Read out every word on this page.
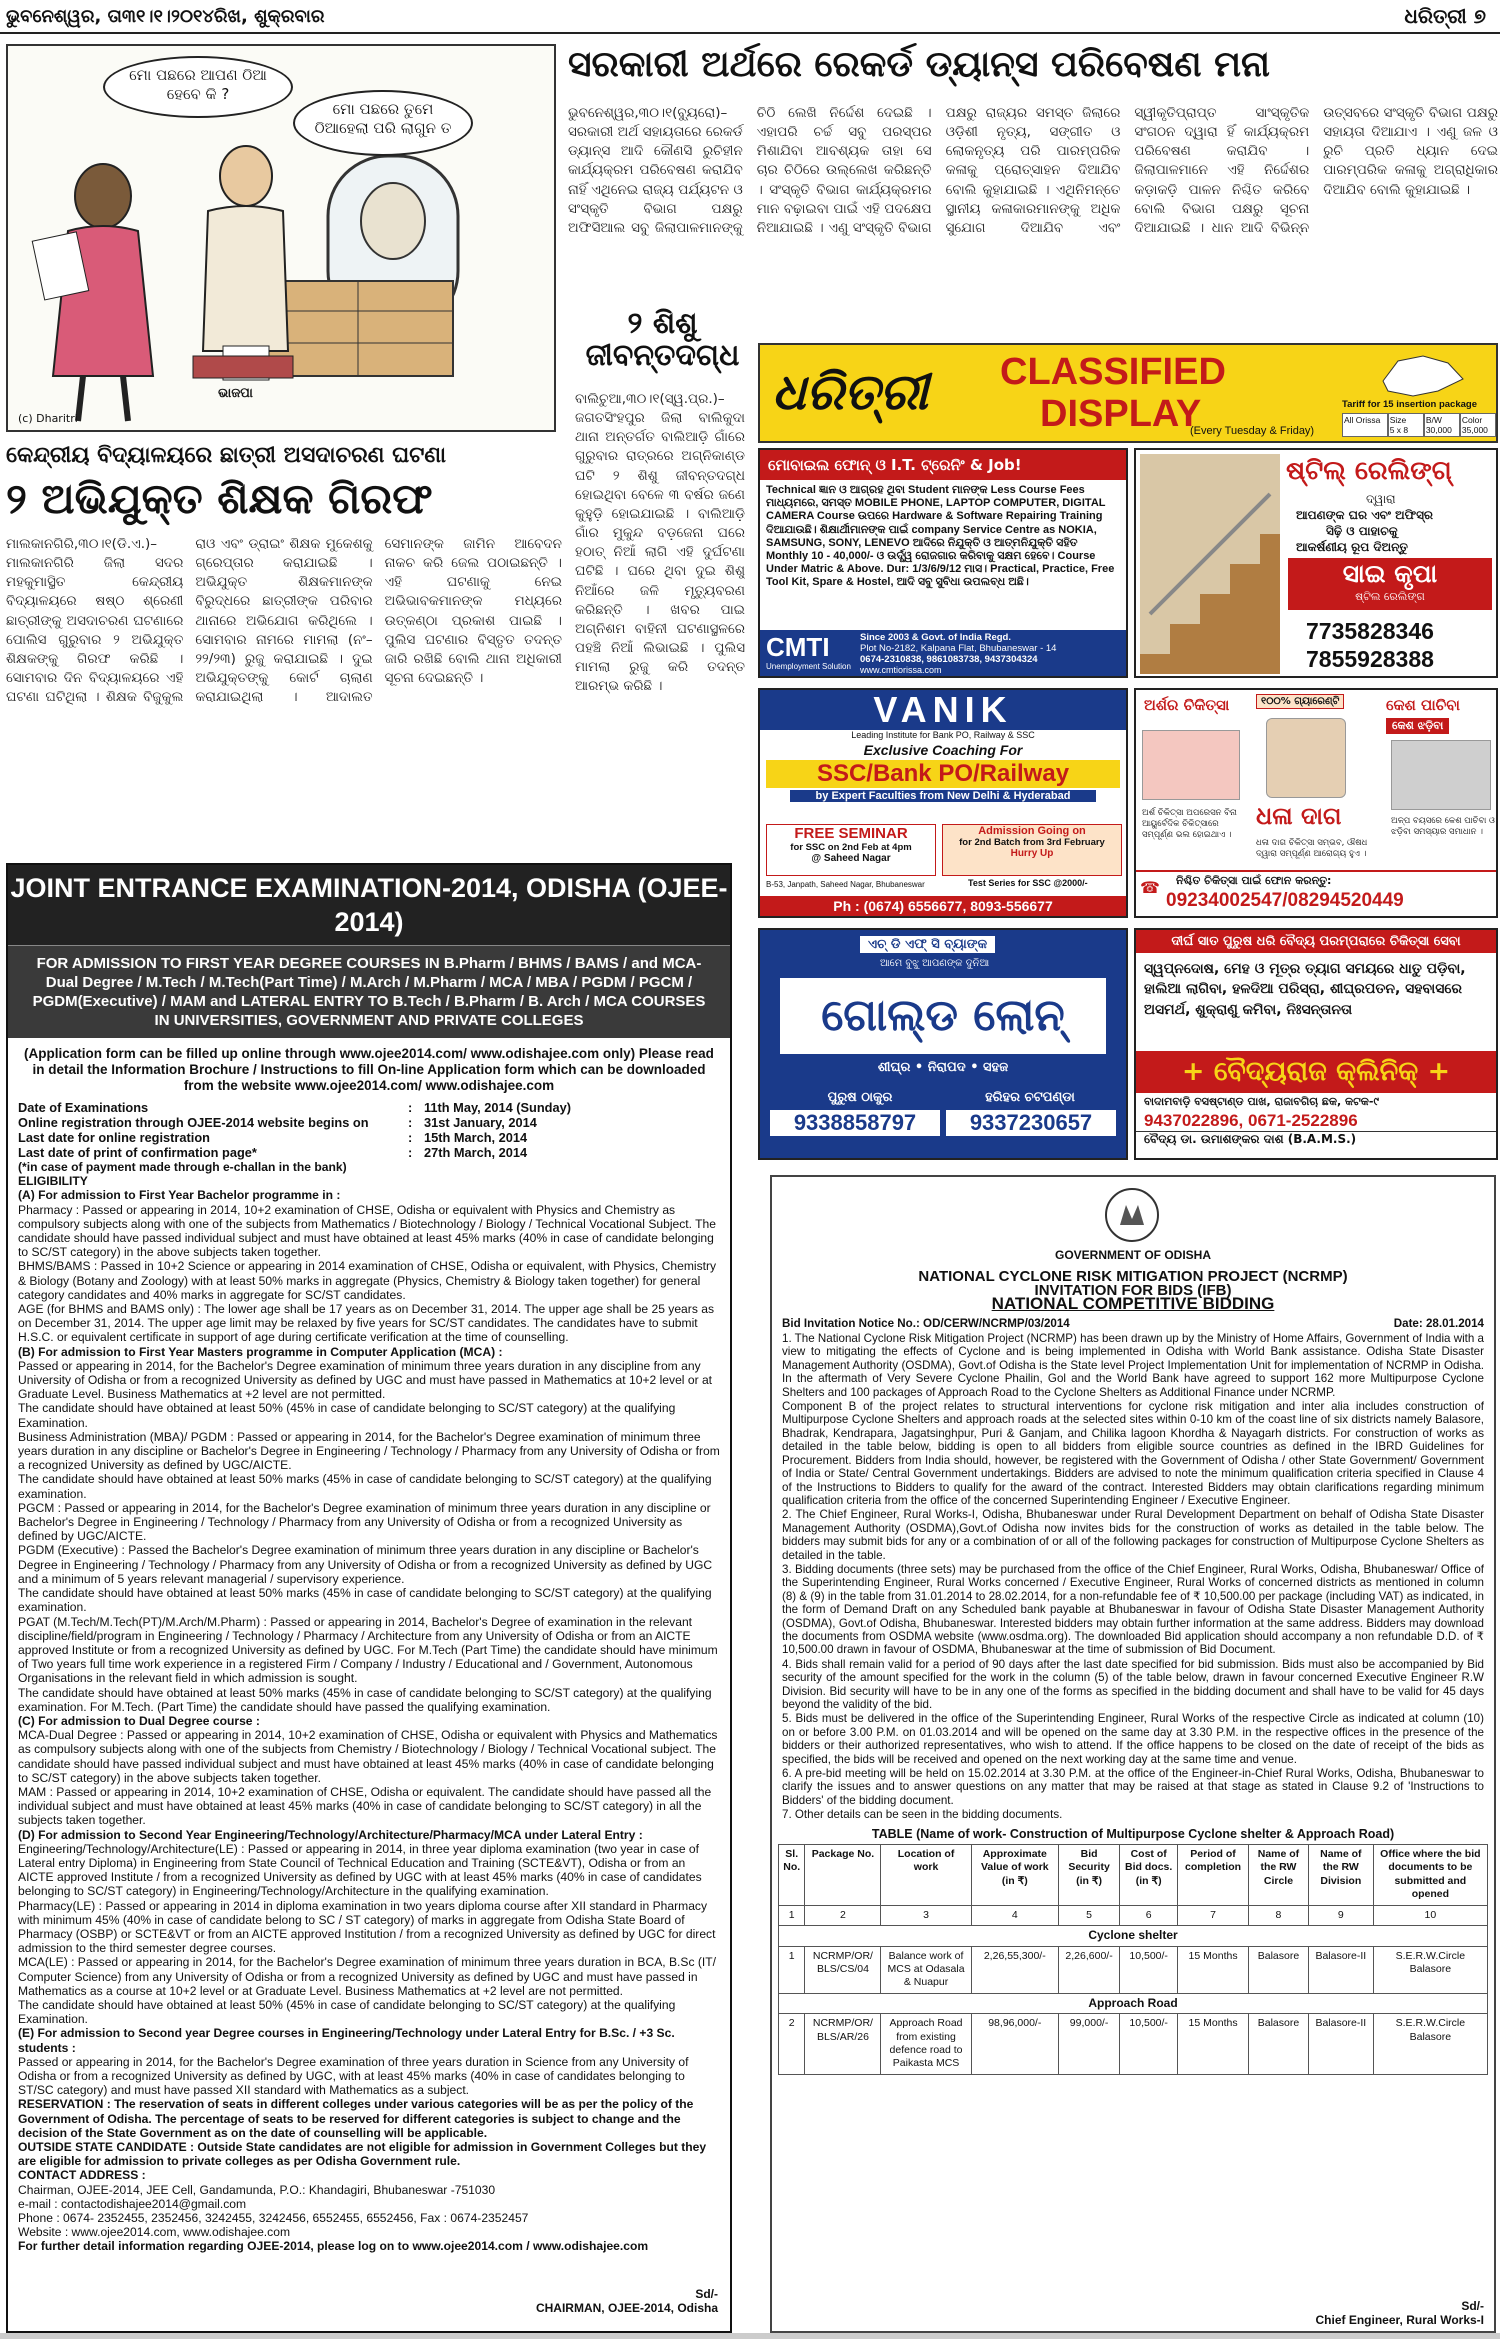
ଭୁବନେଶ୍ୱର, ତା୩୧।୧।୨୦୧୪ରିଖ, ଶୁକ୍ରବାର	ଧରିତ୍ରୀ ୭
ମୋ ପଛରେ ଆପଣ ଠିଆ ହେବେ କି ?
ମୋ ପଛରେ ତୁମେ ଠିଆହେଲା ପରି ଲାଗୁନ ତ
ଭାଜପା
(c) Dharitri
ସରକାରୀ ଅର୍ଥରେ ରେକର୍ଡ ଡ୍ୟାନ୍ସ ପରିବେଷଣ ମନା
ଭୁବନେଶ୍ୱର,୩୦।୧(ବ୍ୟୁରୋ)– ସରକାରୀ ଅର୍ଥ ସହାୟତାରେ ରେକର୍ଡ ଡ୍ୟାନ୍ସ ଆଦି କୌଣସି ରୁଚିହୀନ କାର୍ଯ୍ୟକ୍ରମ ପରିବେଷଣ କରାଯିବ ନାହିଁ ଏଥିନେଇ ରାଜ୍ୟ ପର୍ଯ୍ୟଟନ ଓ ସଂସ୍କୃତି ବିଭାଗ ପକ୍ଷରୁ ଅଫିସିଆଲ ସବୁ ଜିଲାପାଳମାନଙ୍କୁ ଚିଠି ଲେଖି ନିର୍ଦ୍ଦେଶ ଦେଇଛି । ଏହାପରି ଚର୍ଚ୍ଚ ସବୁ ପରସ୍ପର ମିଶାଯିବା ଆବଶ୍ୟକ ତାହା ସେ ଚାର ଚିଠିରେ ଉଲ୍ଲେଖ କରିଛନ୍ତି । ସଂସ୍କୃତି ବିଭାଗ କାର୍ଯ୍ୟକ୍ରମର ମାନ ବଢ଼ାଇବା ପାଇଁ ଏହି ପଦକ୍ଷେପ ନିଆଯାଇଛି । ଏଣୁ ସଂସ୍କୃତି ବିଭାଗ ପକ୍ଷରୁ ରାଜ୍ୟର ସମସ୍ତ ଜିଲାରେ ଓଡ଼ିଶୀ ନୃତ୍ୟ, ସଙ୍ଗୀତ ଓ ଲୋକନୃତ୍ୟ ପରି ପାରମ୍ପରିକ କଳାକୁ ପ୍ରୋତ୍ସାହନ ଦିଆଯିବ ବୋଲି କୁହାଯାଇଛି । ଏଥିନିମନ୍ତେ ସ୍ଥାନୀୟ କଳାକାରମାନଙ୍କୁ ଅଧିକ ସୁଯୋଗ ଦିଆଯିବ ଏବଂ ସ୍ୱୀକୃତିପ୍ରାପ୍ତ ସାଂସ୍କୃତିକ ସଂଗଠନ ଦ୍ୱାରା ହିଁ କାର୍ଯ୍ୟକ୍ରମ ପରିବେଷଣ କରାଯିବ । ଜିଲାପାଳମାନେ ଏହି ନିର୍ଦ୍ଦେଶର କଡ଼ାକଡ଼ି ପାଳନ ନିଶ୍ଚିତ କରିବେ ବୋଲି ବିଭାଗ ପକ୍ଷରୁ ସୂଚନା ଦିଆଯାଇଛି । ଧାନ ଆଦି ବିଭିନ୍ନ ଉତ୍ସବରେ ସଂସ୍କୃତି ବିଭାଗ ପକ୍ଷରୁ ସହାୟତା ଦିଆଯାଏ । ଏଣୁ ଜଳ ଓ ରୁଚି ପ୍ରତି ଧ୍ୟାନ ଦେଇ ପାରମ୍ପରିକ କଳାକୁ ଅଗ୍ରାଧିକାର ଦିଆଯିବ ବୋଲି କୁହାଯାଇଛି ।
୨ ଶିଶୁ ଜୀବନ୍ତଦଗ୍ଧ
ବାଲିଚୁଆ,୩୦।୧(ସ୍ୱ.ପ୍ର.)– ଜଗତସିଂହପୁର ଜିଲା ବାଲିକୁଦା ଥାନା ଅନ୍ତର୍ଗତ ବାଲିଆଡ଼ି ଗାଁରେ ଗୁରୁବାର ରାତ୍ରରେ ଅଗ୍ନିକାଣ୍ଡ ଘଟି ୨ ଶିଶୁ ଜୀବନ୍ତଦଗ୍ଧ ହୋଇଥିବା ବେଳେ ୩ ବର୍ଷର ଜଣେ କୁହୁଡ଼ି ହୋଇଯାଇଛି । ବାଲିଆଡ଼ି ଗାଁର ମୁକୁନ୍ଦ ବଡ଼ଜେନା ଘରେ ହଠାତ୍ ନିଆଁ ଲାଗି ଏହି ଦୁର୍ଘଟଣା ଘଟିଛି । ଘରେ ଥିବା ଦୁଇ ଶିଶୁ ନିଆଁରେ ଜଳି ମୃତ୍ୟୁବରଣ କରିଛନ୍ତି । ଖବର ପାଇ ଅଗ୍ନିଶମ ବାହିନୀ ଘଟଣାସ୍ଥଳରେ ପହଞ୍ଚି ନିଆଁ ଲିଭାଇଛି । ପୁଲିସ ମାମଲା ରୁଜୁ କରି ତଦନ୍ତ ଆରମ୍ଭ କରିଛି ।
କେନ୍ଦ୍ରୀୟ ବିଦ୍ୟାଳୟରେ ଛାତ୍ରୀ ଅସଦାଚରଣ ଘଟଣା
୨ ଅଭିଯୁକ୍ତ ଶିକ୍ଷକ ଗିରଫ
ମାଲକାନଗିରି,୩୦।୧(ଡି.ଏ.)– ମାଲକାନଗିରି ଜିଲା ସଦର ମହକୁମାସ୍ଥିତ କେନ୍ଦ୍ରୀୟ ବିଦ୍ୟାଳୟରେ ଷଷ୍ଠ ଶ୍ରେଣୀ ଛାତ୍ରୀଙ୍କୁ ଅସଦାଚରଣ ଘଟଣାରେ ପୋଲିସ ଗୁରୁବାର ୨ ଅଭିଯୁକ୍ତ ଶିକ୍ଷକଙ୍କୁ ଗିରଫ କରିଛି । ସୋମବାର ଦିନ ବିଦ୍ୟାଳୟରେ ଏହି ଘଟଣା ଘଟିଥିଲା । ଶିକ୍ଷକ ବିଜୁକୁଲ ରାଓ ଏବଂ ଡ୍ରାଇଂ ଶିକ୍ଷକ ମୁକେଶକୁ ଗ୍ରେପ୍ତାର କରାଯାଇଛି । ଅଭିଯୁକ୍ତ ଶିକ୍ଷକମାନଙ୍କ ବିରୁଦ୍ଧରେ ଛାତ୍ରୀଙ୍କ ପରିବାର ଥାନାରେ ଅଭିଯୋଗ କରିଥିଲେ । ସୋମବାର ନାମରେ ମାମଲା (ନଂ–୨୨/୨୩) ରୁଜୁ କରାଯାଇଛି । ଦୁଇ ଅଭିଯୁକ୍ତଙ୍କୁ କୋର୍ଟ ଚାଲାଣ କରାଯାଇଥିଲା । ଆଦାଲତ ସେମାନଙ୍କ ଜାମିନ ଆବେଦନ ନାକଚ କରି ଜେଲ ପଠାଇଛନ୍ତି । ଏହି ଘଟଣାକୁ ନେଇ ଅଭିଭାବକମାନଙ୍କ ମଧ୍ୟରେ ଉତ୍କଣ୍ଠା ପ୍ରକାଶ ପାଇଛି । ପୁଲିସ ଘଟଣାର ବିସ୍ତୃତ ତଦନ୍ତ ଜାରି ରଖିଛି ବୋଲି ଥାନା ଅଧିକାରୀ ସୂଚନା ଦେଇଛନ୍ତି ।
ଧରିତ୍ରୀ CLASSIFIED
DISPLAY
(Every Tuesday & Friday)
Tariff for 15 insertion package
All Orissa	Size
5 x 8
B/W
30,000
Color
35,000
ମୋବାଇଲ ଫୋନ୍ ଓ I.T. ଟ୍ରେନିଂ & Job!
Technical ଜ୍ଞାନ ଓ ଆଗ୍ରହ ଥିବା Student ମାନଙ୍କ Less Course Fees ମାଧ୍ୟମରେ, ସମସ୍ତ MOBILE PHONE, LAPTOP COMPUTER, DIGITAL CAMERA Course ଉପରେ Hardware & Software Repairing Training ଦିଆଯାଉଛି। ଶିକ୍ଷାର୍ଥୀମାନଙ୍କ ପାଇଁ company Service Centre as NOKIA, SAMSUNG, SONY, LENEVO ଆଦିରେ ନିଯୁକ୍ତି ଓ ଆତ୍ମନିଯୁକ୍ତି ସହିତ Monthly 10 - 40,000/- ଓ ଉର୍ଦ୍ଧ୍ୱ ରୋଜଗାର କରିବାକୁ ସକ୍ଷମ ହେବେ। Course Under Matric & Above. Dur: 1/3/6/9/12 ମାସ। Practical, Practice, Free Tool Kit, Spare & Hostel, ଆଦି ସବୁ ସୁବିଧା ଉପଲବ୍ଧ ଅଛି।
CMTI
Unemployment Solution
Since 2003 & Govt. of India Regd.
Plot No-2182, Kalpana Flat, Bhubaneswar - 14
0674-2310838, 9861083738, 9437304324
www.cmtiorissa.com
ଷ୍ଟିଲ୍ ରେଲିଙ୍ଗ୍
ଦ୍ୱାରା
ଆପଣଙ୍କ ଘର ଏବଂ ଅଫିସ୍ର
ସିଢ଼ି ଓ ପାହାଚକୁ
ଆକର୍ଷଣୀୟ ରୂପ ଦିଅନ୍ତୁ
ସାଇ କୃପା
ଷ୍ଟିଲ ରେଲିଙ୍ଗ
7735828346
7855928388
VANIK
Leading Institute for Bank PO, Railway & SSC
Exclusive Coaching For
SSC/Bank PO/Railway
by Expert Faculties from New Delhi & Hyderabad
FREE SEMINAR
for SSC on 2nd Feb at 4pm
@ Saheed Nagar
Admission Going on
for 2nd Batch from 3rd February
Hurry Up
B-53, Janpath, Saheed Nagar, Bhubaneswar	Test Series for SSC @2000/-
Ph : (0674) 6556677, 8093-556677
ଅର୍ଶର ଚିକିତ୍ସା	୧୦୦% ଗ୍ୟାରେଣ୍ଟି	କେଶ ପାଚିବା
କେଶ ଝଡ଼ିବା
ଧଳା ଦାଗ
ଅର୍ଶ ଚିକିତ୍ସା ଅପରେସନ ବିନା ଆୟୁର୍ବେଦିକ ଚିକିତ୍ସାରେ ସମ୍ପୂର୍ଣ୍ଣ ଭଲ ହୋଇଥାଏ ।
ଧଳା ଦାଗ ଚିକିତ୍ସା ସମ୍ଭବ, ଔଷଧ ଦ୍ୱାରା ସମ୍ପୂର୍ଣ୍ଣ ଆରୋଗ୍ୟ ହୁଏ ।
ଅଳ୍ପ ବୟସରେ କେଶ ପାଚିବା ଓ ଝଡ଼ିବା ସମସ୍ୟାର ସମାଧାନ ।
☎ ନିଶ୍ଚିତ ଚିକିତ୍ସା ପାଇଁ ଫୋନ କରନ୍ତୁ:
09234002547/08294520449
ଏଚ୍ ଡି ଏଫ୍ ସି ବ୍ୟାଙ୍କ
ଆମେ ବୁଝୁ ଆପଣଙ୍କ ଦୁନିଆ
ଗୋଲ୍ଡ ଲୋନ୍
ଶୀଘ୍ର • ନିରାପଦ • ସହଜ
ପୁରୁଷ ଠାକୁର	ହରିହର ଚଟପଣ୍ଡା
9338858797	9337230657
ଦୀର୍ଘ ସାତ ପୁରୁଷ ଧରି ବୈଦ୍ୟ ପରମ୍ପରାରେ ଚିକିତ୍ସା ସେବା
ସ୍ୱପ୍ନଦୋଷ, ମେହ ଓ ମୂତ୍ର ତ୍ୟାଗ ସମୟରେ ଧାତୁ ପଡ଼ିବା, ହାଲିଆ ଲାଗିବା, ହଳଦିଆ ପରିସ୍ରା, ଶୀଘ୍ରପତନ, ସହବାସରେ ଅସମର୍ଥ, ଶୁକ୍ରାଣୁ କମିବା, ନିଃସନ୍ତାନତା
+ ବୈଦ୍ୟରାଜ କ୍ଲିନିକ୍ +
ବାଦାମବାଡ଼ି ବସଷ୍ଟାଣ୍ଡ ପାଖ, ରାଜାବଗିଚା ଛକ, କଟକ-୯
9437022896, 0671-2522896
ବୈଦ୍ୟ ଡା. ଉମାଶଙ୍କର ଦାଶ (B.A.M.S.)
JOINT ENTRANCE EXAMINATION-2014, ODISHA (OJEE-2014)
FOR ADMISSION TO FIRST YEAR DEGREE COURSES IN B.Pharm / BHMS / BAMS / and MCA-Dual Degree / M.Tech / M.Tech(Part Time) / M.Arch / M.Pharm / MCA / MBA / PGDM / PGCM / PGDM(Executive) / MAM and LATERAL ENTRY TO B.Tech / B.Pharm / B. Arch / MCA COURSES IN UNIVERSITIES, GOVERNMENT AND PRIVATE COLLEGES

(Application form can be filled up online through www.ojee2014.com/ www.odishajee.com only) Please read in detail the Information Brochure / Instructions to fill On-line Application form which can be downloaded from the website www.ojee2014.com/ www.odishajee.com

Date of Examinations	: 11th May, 2014 (Sunday)
Online registration through OJEE-2014 website begins on	: 31st January, 2014
Last date for online registration	: 15th March, 2014
Last date of print of confirmation page*	: 27th March, 2014

(*in case of payment made through e-challan in the bank)

ELIGIBILITY

(A) For admission to First Year Bachelor programme in :

Pharmacy : Passed or appearing in 2014, 10+2 examination of CHSE, Odisha or equivalent with Physics and Chemistry as compulsory subjects along with one of the subjects from Mathematics / Biotechnology / Biology / Technical Vocational Subject. The candidate should have passed individual subject and must have obtained at least 45% marks (40% in case of candidate belonging to SC/ST category) in the above subjects taken together.

BHMS/BAMS : Passed in 10+2 Science or appearing in 2014 examination of CHSE, Odisha or equivalent, with Physics, Chemistry & Biology (Botany and Zoology) with at least 50% marks in aggregate (Physics, Chemistry & Biology taken together) for general category candidates and 40% marks in aggregate for SC/ST candidates.

AGE (for BHMS and BAMS only) : The lower age shall be 17 years as on December 31, 2014. The upper age shall be 25 years as on December 31, 2014. The upper age limit may be relaxed by five years for SC/ST candidates. The candidates have to submit H.S.C. or equivalent certificate in support of age during certificate verification at the time of counselling.

(B) For admission to First Year Masters programme in Computer Application (MCA) :

Passed or appearing in 2014, for the Bachelor's Degree examination of minimum three years duration in any discipline from any University of Odisha or from a recognized University as defined by UGC and must have passed in Mathematics at 10+2 level or at Graduate Level. Business Mathematics at +2 level are not permitted.

The candidate should have obtained at least 50% (45% in case of candidate belonging to SC/ST category) at the qualifying Examination.

Business Administration (MBA)/ PGDM : Passed or appearing in 2014, for the Bachelor's Degree examination of minimum three years duration in any discipline or Bachelor's Degree in Engineering / Technology / Pharmacy from any University of Odisha or from a recognized University as defined by UGC/AICTE.

The candidate should have obtained at least 50% marks (45% in case of candidate belonging to SC/ST category) at the qualifying examination.

PGCM : Passed or appearing in 2014, for the Bachelor's Degree examination of minimum three years duration in any discipline or Bachelor's Degree in Engineering / Technology / Pharmacy from any University of Odisha or from a recognized University as defined by UGC/AICTE.

PGDM (Executive) : Passed the Bachelor's Degree examination of minimum three years duration in any discipline or Bachelor's Degree in Engineering / Technology / Pharmacy from any University of Odisha or from a recognized University as defined by UGC and a minimum of 5 years relevant managerial / supervisory experience.

The candidate should have obtained at least 50% marks (45% in case of candidate belonging to SC/ST category) at the qualifying examination.

PGAT (M.Tech/M.Tech(PT)/M.Arch/M.Pharm) : Passed or appearing in 2014, Bachelor's Degree of examination in the relevant discipline/field/program in Engineering / Technology / Pharmacy / Architecture from any University of Odisha or from an AICTE approved Institute or from a recognized University as defined by UGC. For M.Tech (Part Time) the candidate should have minimum of Two years full time work experience in a registered Firm / Company / Industry / Educational and / Government, Autonomous Organisations in the relevant field in which admission is sought.

The candidate should have obtained at least 50% marks (45% in case of candidate belonging to SC/ST category) at the qualifying examination. For M.Tech. (Part Time) the candidate should have passed the qualifying examination.

(C) For admission to Dual Degree course :

MCA-Dual Degree : Passed or appearing in 2014, 10+2 examination of CHSE, Odisha or equivalent with Physics and Mathematics as compulsory subjects along with one of the subjects from Chemistry / Biotechnology / Biology / Technical Vocational subject. The candidate should have passed individual subject and must have obtained at least 45% marks (40% in case of candidate belonging to SC/ST category) in the above subjects taken together.

MAM : Passed or appearing in 2014, 10+2 examination of CHSE, Odisha or equivalent. The candidate should have passed all the individual subject and must have obtained at least 45% marks (40% in case of candidate belonging to SC/ST category) in all the subjects taken together.

(D) For admission to Second Year Engineering/Technology/Architecture/Pharmacy/MCA under Lateral Entry :

Engineering/Technology/Architecture(LE) : Passed or appearing in 2014, in three year diploma examination (two year in case of Lateral entry Diploma) in Engineering from State Council of Technical Education and Training (SCTE&VT), Odisha or from an AICTE approved Institute / from a recognized University as defined by UGC with at least 45% marks (40% in case of candidates belonging to SC/ST category) in Engineering/Technology/Architecture in the qualifying examination.

Pharmacy(LE) : Passed or appearing in 2014 in diploma examination in two years diploma course after XII standard in Pharmacy with minimum 45% (40% in case of candidate belong to SC / ST category) of marks in aggregate from Odisha State Board of Pharmacy (OSBP) or SCTE&VT or from an AICTE approved Institution / from a recognized University as defined by UGC for direct admission to the third semester degree courses.

MCA(LE) : Passed or appearing in 2014, for the Bachelor's Degree examination of minimum three years duration in BCA, B.Sc (IT/ Computer Science) from any University of Odisha or from a recognized University as defined by UGC and must have passed in Mathematics as a course at 10+2 level or at Graduate Level. Business Mathematics at +2 level are not permitted.

The candidate should have obtained at least 50% (45% in case of candidate belonging to SC/ST category) at the qualifying Examination.

(E) For admission to Second year Degree courses in Engineering/Technology under Lateral Entry for B.Sc. / +3 Sc. students :

Passed or appearing in 2014, for the Bachelor's Degree examination of three years duration in Science from any University of Odisha or from a recognized University as defined by UGC, with at least 45% marks (40% in case of candidates belonging to ST/SC category) and must have passed XII standard with Mathematics as a subject.

RESERVATION : The reservation of seats in different colleges under various categories will be as per the policy of the Government of Odisha. The percentage of seats to be reserved for different categories is subject to change and the decision of the State Government as on the date of counselling will be applicable.

OUTSIDE STATE CANDIDATE : Outside State candidates are not eligible for admission in Government Colleges but they are eligible for admission to private colleges as per Odisha Government rule.

CONTACT ADDRESS :

Chairman, OJEE-2014, JEE Cell, Gandamunda, P.O.: Khandagiri, Bhubaneswar -751030

e-mail : contactodishajee2014@gmail.com

Phone : 0674- 2352455, 2352456, 3242455, 3242456, 6552455, 6552456, Fax : 0674-2352457

Website : www.ojee2014.com, www.odishajee.com

For further detail information regarding OJEE-2014, please log on to www.ojee2014.com / www.odishajee.com

Sd/-
CHAIRMAN, OJEE-2014, Odisha
GOVERNMENT OF ODISHA
NATIONAL CYCLONE RISK MITIGATION PROJECT (NCRMP)
INVITATION FOR BIDS (IFB)
NATIONAL COMPETITIVE BIDDING
Bid Invitation Notice No.: OD/CERW/NCRMP/03/2014	Date: 28.01.2014

1. The National Cyclone Risk Mitigation Project (NCRMP) has been drawn up by the Ministry of Home Affairs, Government of India with a view to mitigating the effects of Cyclone and is being implemented in Odisha with World Bank assistance. Odisha State Disaster Management Authority (OSDMA), Govt.of Odisha is the State level Project Implementation Unit for implementation of NCRMP in Odisha. In the aftermath of Very Severe Cyclone Phailin, Gol and the World Bank have agreed to support 162 more Multipurpose Cyclone Shelters and 100 packages of Approach Road to the Cyclone Shelters as Additional Finance under NCRMP.

Component B of the project relates to structural interventions for cyclone risk mitigation and inter alia includes construction of Multipurpose Cyclone Shelters and approach roads at the selected sites within 0-10 km of the coast line of six districts namely Balasore, Bhadrak, Kendrapara, Jagatsinghpur, Puri & Ganjam, and Chilika lagoon Khordha & Nayagarh districts. For construction of works as detailed in the table below, bidding is open to all bidders from eligible source countries as defined in the IBRD Guidelines for Procurement. Bidders from India should, however, be registered with the Government of Odisha / other State Government/ Government of India or State/ Central Government undertakings. Bidders are advised to note the minimum qualification criteria specified in Clause 4 of the Instructions to Bidders to qualify for the award of the contract. Interested Bidders may obtain clarifications regarding minimum qualification criteria from the office of the concerned Superintending Engineer / Executive Engineer.

2. The Chief Engineer, Rural Works-I, Odisha, Bhubaneswar under Rural Development Department on behalf of Odisha State Disaster Management Authority (OSDMA),Govt.of Odisha now invites bids for the construction of works as detailed in the table below. The bidders may submit bids for any or a combination of or all of the following packages for construction of Multipurpose Cyclone Shelters as detailed in the table.

3. Bidding documents (three sets) may be purchased from the office of the Chief Engineer, Rural Works, Odisha, Bhubaneswar/ Office of the Superintending Engineer, Rural Works concerned / Executive Engineer, Rural Works of concerned districts as mentioned in column (8) & (9) in the table from 31.01.2014 to 28.02.2014, for a non-refundable fee of ₹ 10,500.00 per package (including VAT) as indicated, in the form of Demand Draft on any Scheduled bank payable at Bhubaneswar in favour of Odisha State Disaster Management Authority (OSDMA), Govt.of Odisha, Bhubaneswar. Interested bidders may obtain further information at the same address. Bidders may download the documents from OSDMA website (www.osdma.org). The downloaded Bid application should accompany a non refundable D.D. of ₹ 10,500.00 drawn in favour of OSDMA, Bhubaneswar at the time of submission of Bid Document.

4. Bids shall remain valid for a period of 90 days after the last date specified for bid submission. Bids must also be accompanied by Bid security of the amount specified for the work in the column (5) of the table below, drawn in favour concerned Executive Engineer R.W Division. Bid security will have to be in any one of the forms as specified in the bidding document and shall have to be valid for 45 days beyond the validity of the bid.

5. Bids must be delivered in the office of the Superintending Engineer, Rural Works of the respective Circle as indicated at column (10) on or before 3.00 P.M. on 01.03.2014 and will be opened on the same day at 3.30 P.M. in the respective offices in the presence of the bidders or their authorized representatives, who wish to attend. If the office happens to be closed on the date of receipt of the bids as specified, the bids will be received and opened on the next working day at the same time and venue.

6. A pre-bid meeting will be held on 15.02.2014 at 3.30 P.M. at the office of the Engineer-in-Chief Rural Works, Odisha, Bhubaneswar to clarify the issues and to answer questions on any matter that may be raised at that stage as stated in Clause 9.2 of 'Instructions to Bidders' of the bidding document.

7. Other details can be seen in the bidding documents.

TABLE (Name of work- Construction of Multipurpose Cyclone shelter & Approach Road)
Sl. No.	Package No.	Location of work	Approximate Value of work (in ₹)	Bid Security (in ₹)	Cost of Bid docs. (in ₹)	Period of completion	Name of the RW Circle	Name of the RW Division	Office where the bid documents to be submitted and opened
1	2	3	4	5	6	7	8	9	10
Cyclone shelter									
1	NCRMP/OR/ BLS/CS/04	Balance work of MCS at Odasala & Nuapur	2,26,55,300/-	2,26,600/-	10,500/-	15 Months	Balasore	Balasore-II	S.E.R.W.Circle Balasore
Approach Road									
2	NCRMP/OR/ BLS/AR/26	Approach Road from existing defence road to Paikasta MCS	98,96,000/-	99,000/-	10,500/-	15 Months	Balasore	Balasore-II	S.E.R.W.Circle Balasore
Sd/-
Chief Engineer, Rural Works-I
